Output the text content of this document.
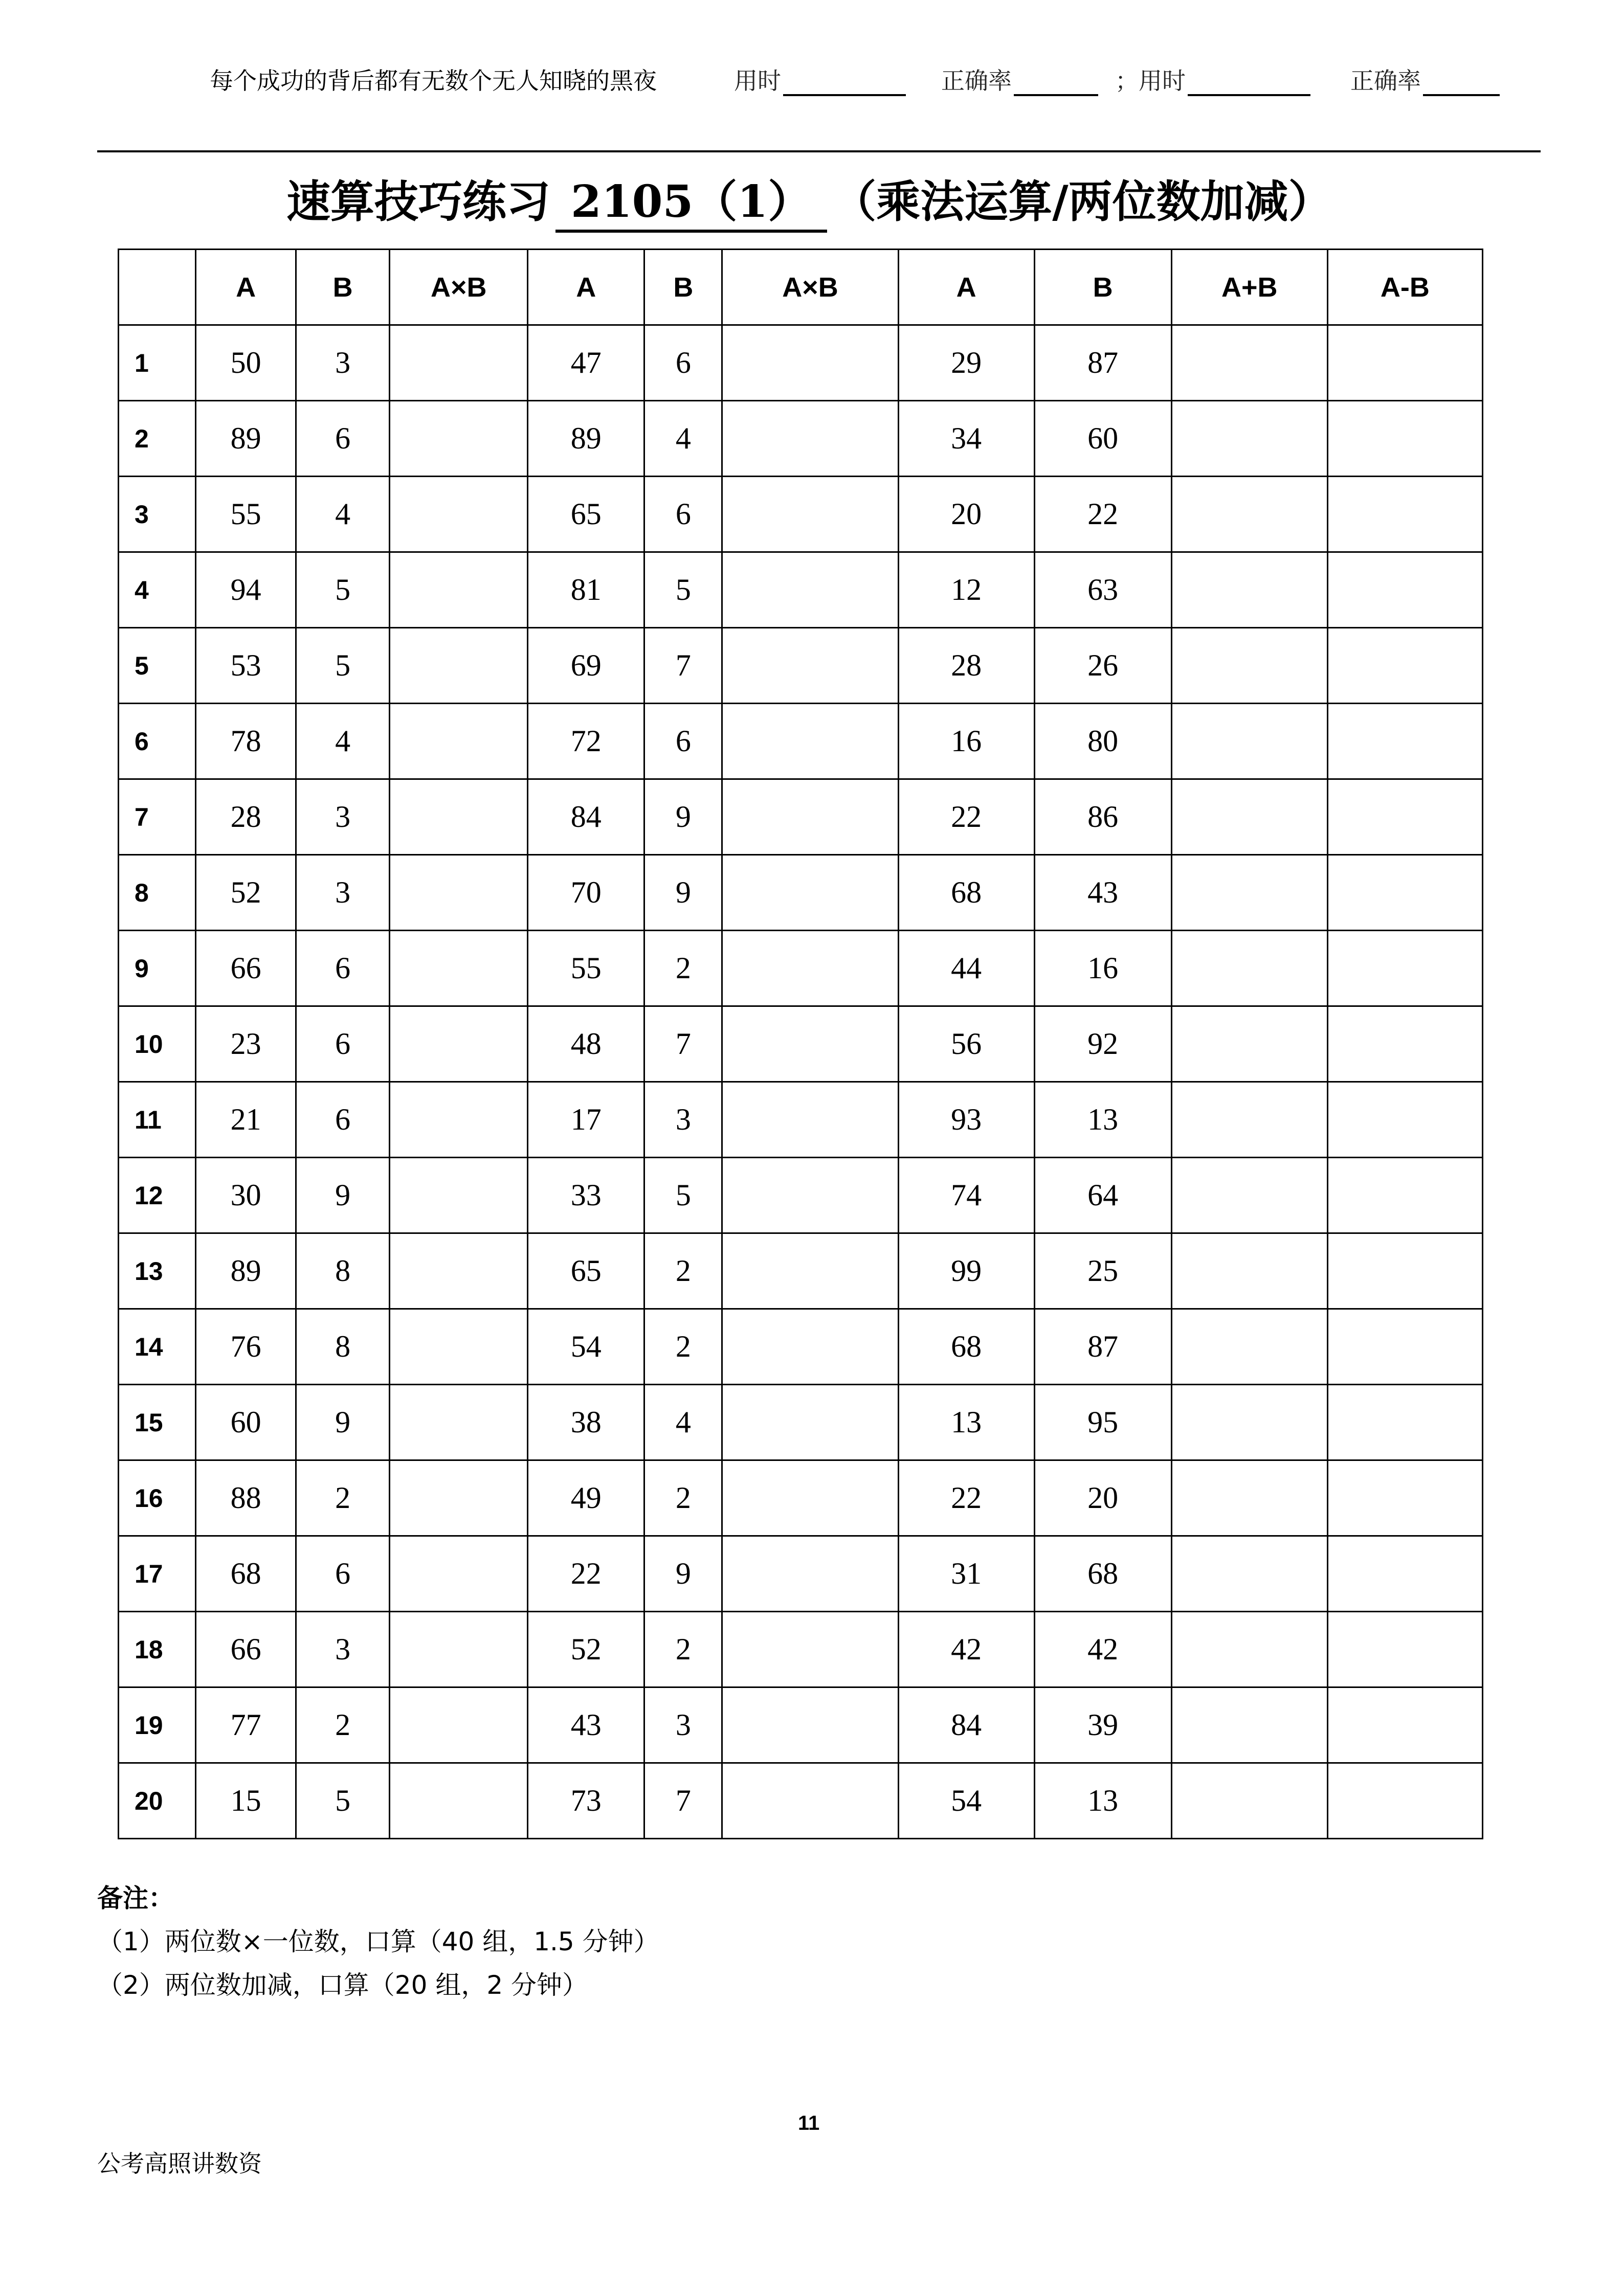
每个成功的背后都有无数个无人知晓的黑夜	用时	正确率	；用时	正确率
速算技巧练习 2105（1） （乘法运算/两位数加减）
	A	B	A×B	A	B	A×B	A	B	A+B	A-B
1	50	3		47	6		29	87		
2	89	6		89	4		34	60		
3	55	4		65	6		20	22		
4	94	5		81	5		12	63		
5	53	5		69	7		28	26		
6	78	4		72	6		16	80		
7	28	3		84	9		22	86		
8	52	3		70	9		68	43		
9	66	6		55	2		44	16		
10	23	6		48	7		56	92		
11	21	6		17	3		93	13		
12	30	9		33	5		74	64		
13	89	8		65	2		99	25		
14	76	8		54	2		68	87		
15	60	9		38	4		13	95		
16	88	2		49	2		22	20		
17	68	6		22	9		31	68		
18	66	3		52	2		42	42		
19	77	2		43	3		84	39		
20	15	5		73	7		54	13		
备注：
（1）两位数×一位数，口算（40 组，1.5 分钟）
（2）两位数加减，口算（20 组，2 分钟）
11
公考高照讲数资
